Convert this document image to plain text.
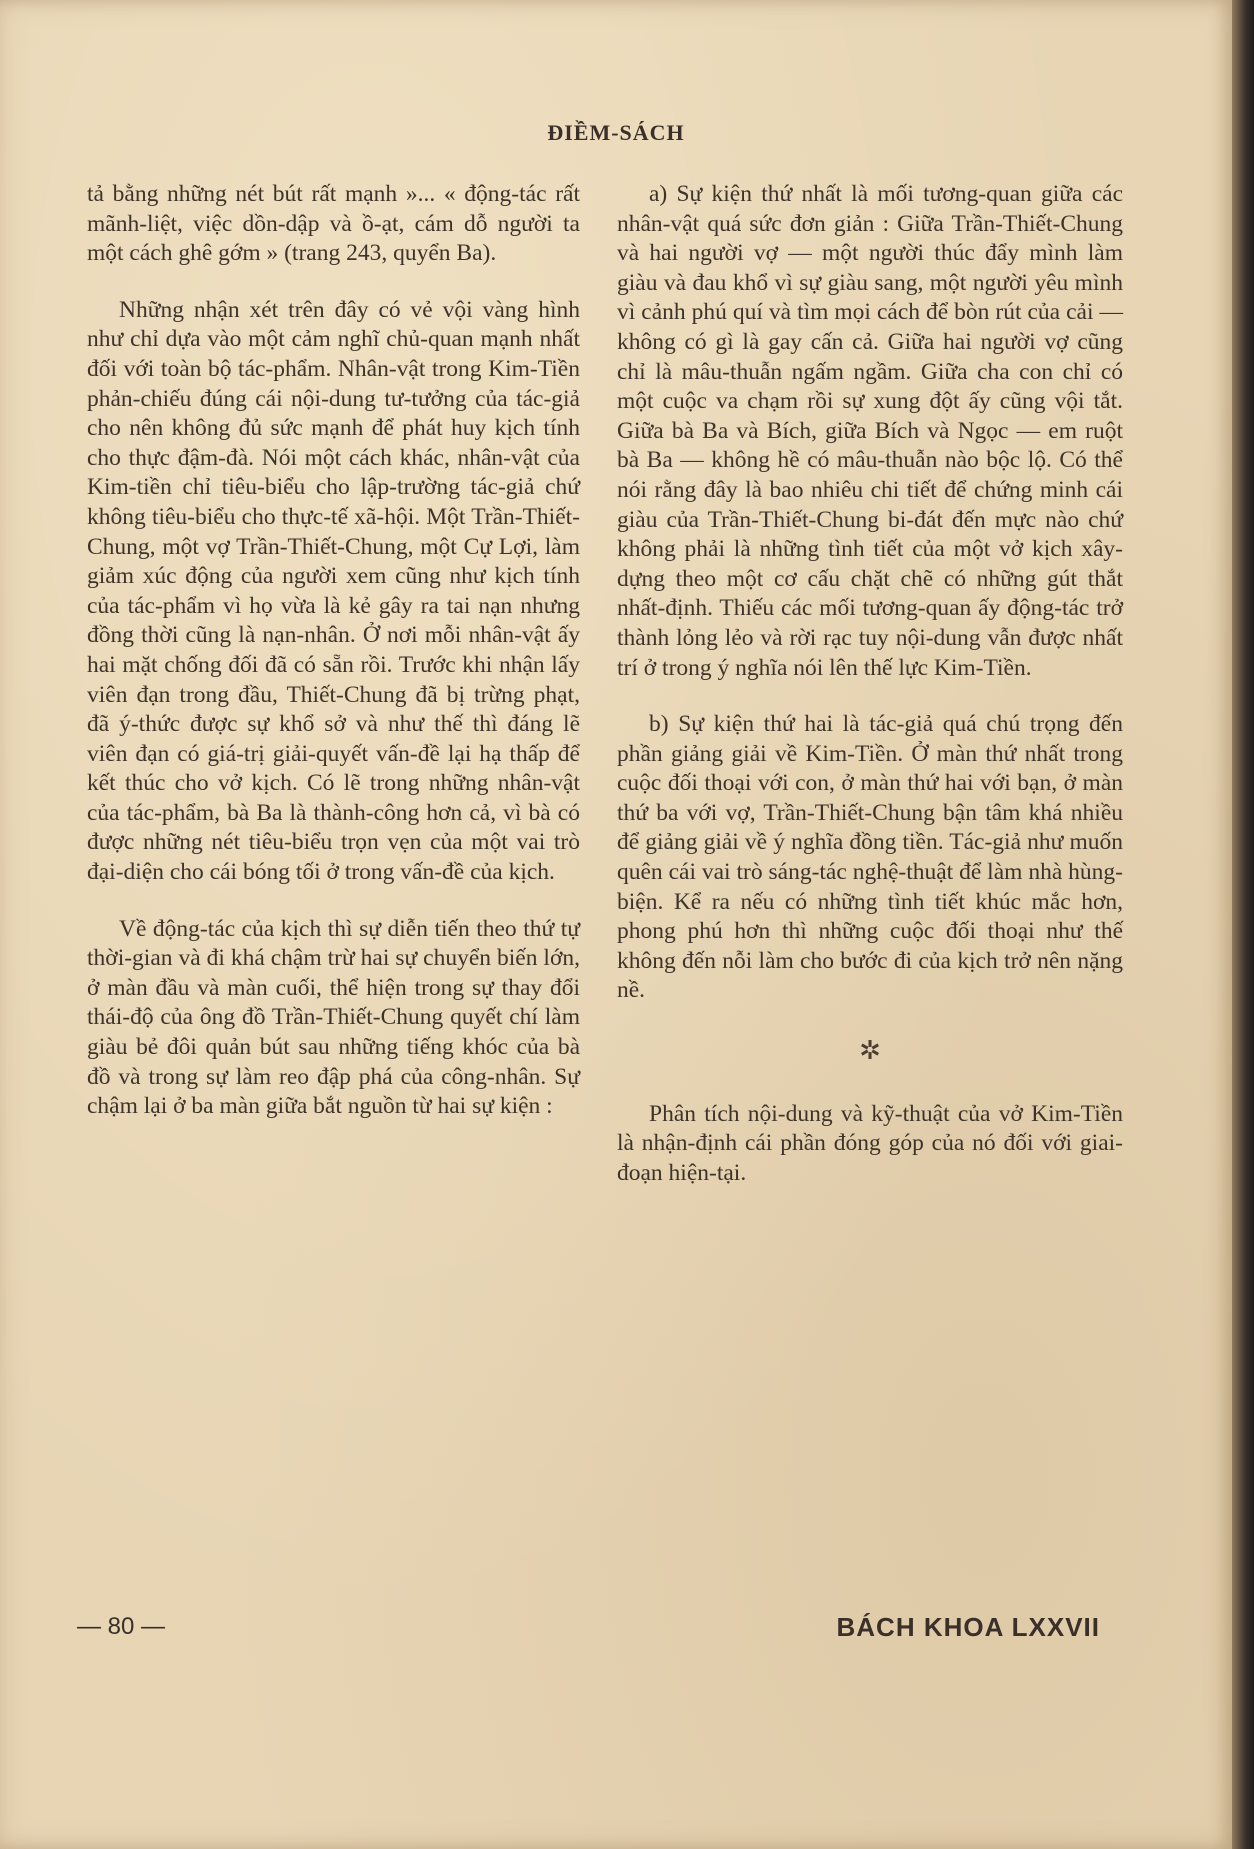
ĐIỀM-SÁCH

tả bằng những nét bút rất mạnh »... « động-tác rất mãnh-liệt, việc dồn-dập và ồ-ạt, cám dỗ người ta một cách ghê gớm » (trang 243, quyển Ba).

Những nhận xét trên đây có vẻ vội vàng hình như chỉ dựa vào một cảm nghĩ chủ-quan mạnh nhất đối với toàn bộ tác-phẩm. Nhân-vật trong Kim-Tiền phản-chiếu đúng cái nội-dung tư-tưởng của tác-giả cho nên không đủ sức mạnh để phát huy kịch tính cho thực đậm-đà. Nói một cách khác, nhân-vật của Kim-tiền chỉ tiêu-biểu cho lập-trường tác-giả chứ không tiêu-biểu cho thực-tế xã-hội. Một Trần-Thiết-Chung, một vợ Trần-Thiết-Chung, một Cự Lợi, làm giảm xúc động của người xem cũng như kịch tính của tác-phẩm vì họ vừa là kẻ gây ra tai nạn nhưng đồng thời cũng là nạn-nhân. Ở nơi mỗi nhân-vật ấy hai mặt chống đối đã có sẵn rồi. Trước khi nhận lấy viên đạn trong đầu, Thiết-Chung đã bị trừng phạt, đã ý-thức được sự khổ sở và như thế thì đáng lẽ viên đạn có giá-trị giải-quyết vấn-đề lại hạ thấp để kết thúc cho vở kịch. Có lẽ trong những nhân-vật của tác-phẩm, bà Ba là thành-công hơn cả, vì bà có được những nét tiêu-biểu trọn vẹn của một vai trò đại-diện cho cái bóng tối ở trong vấn-đề của kịch.

Về động-tác của kịch thì sự diễn tiến theo thứ tự thời-gian và đi khá chậm trừ hai sự chuyển biến lớn, ở màn đầu và màn cuối, thể hiện trong sự thay đổi thái-độ của ông đồ Trần-Thiết-Chung quyết chí làm giàu bẻ đôi quản bút sau những tiếng khóc của bà đồ và trong sự làm reo đập phá của công-nhân. Sự chậm lại ở ba màn giữa bắt nguồn từ hai sự kiện :

a) Sự kiện thứ nhất là mối tương-quan giữa các nhân-vật quá sức đơn giản : Giữa Trần-Thiết-Chung và hai người vợ — một người thúc đẩy mình làm giàu và đau khổ vì sự giàu sang, một người yêu mình vì cảnh phú quí và tìm mọi cách để bòn rút của cải — không có gì là gay cấn cả. Giữa hai người vợ cũng chỉ là mâu-thuẫn ngấm ngầm. Giữa cha con chỉ có một cuộc va chạm rồi sự xung đột ấy cũng vội tắt. Giữa bà Ba và Bích, giữa Bích và Ngọc — em ruột bà Ba — không hề có mâu-thuẫn nào bộc lộ. Có thể nói rằng đây là bao nhiêu chi tiết để chứng minh cái giàu của Trần-Thiết-Chung bi-đát đến mực nào chứ không phải là những tình tiết của một vở kịch xây-dựng theo một cơ cấu chặt chẽ có những gút thắt nhất-định. Thiếu các mối tương-quan ấy động-tác trở thành lỏng lẻo và rời rạc tuy nội-dung vẫn được nhất trí ở trong ý nghĩa nói lên thế lực Kim-Tiền.

b) Sự kiện thứ hai là tác-giả quá chú trọng đến phần giảng giải về Kim-Tiền. Ở màn thứ nhất trong cuộc đối thoại với con, ở màn thứ hai với bạn, ở màn thứ ba với vợ, Trần-Thiết-Chung bận tâm khá nhiều để giảng giải về ý nghĩa đồng tiền. Tác-giả như muốn quên cái vai trò sáng-tác nghệ-thuật để làm nhà hùng-biện. Kể ra nếu có những tình tiết khúc mắc hơn, phong phú hơn thì những cuộc đối thoại như thế không đến nỗi làm cho bước đi của kịch trở nên nặng nề.

✲

Phân tích nội-dung và kỹ-thuật của vở Kim-Tiền là nhận-định cái phần đóng góp của nó đối với giai-đoạn hiện-tại.

— 80 —	BÁCH KHOA LXXVII
